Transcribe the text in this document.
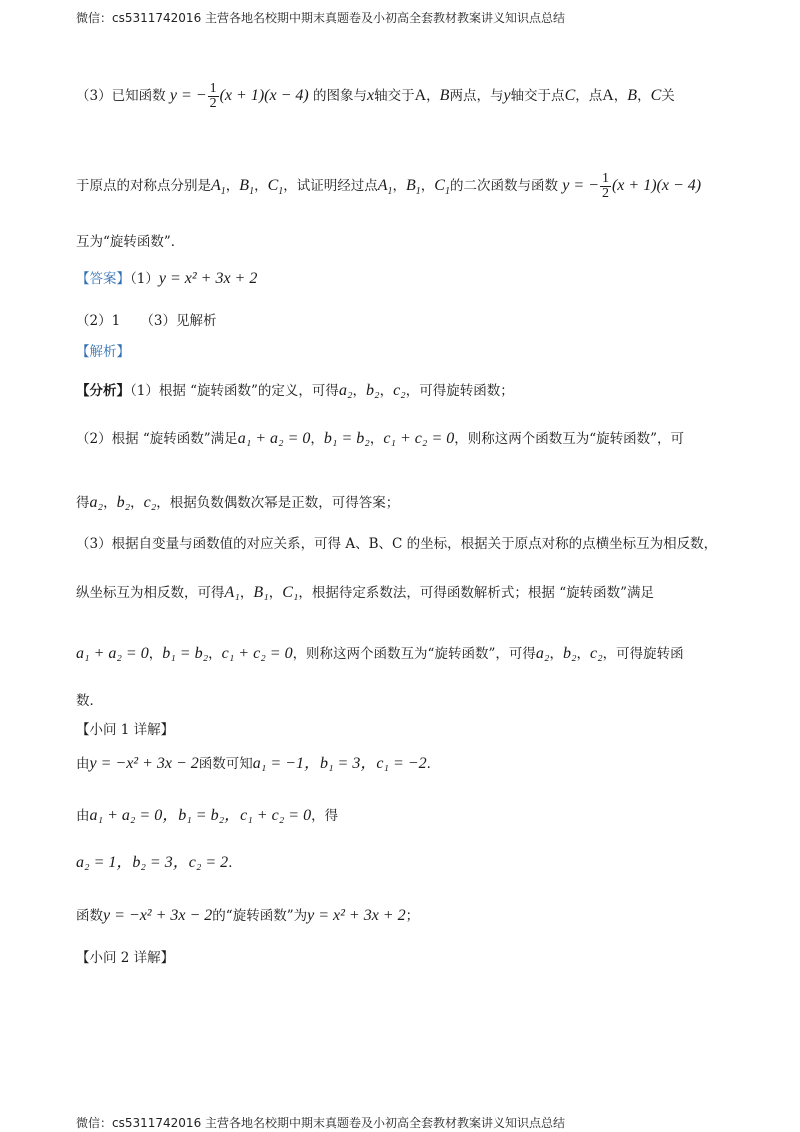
微信：cs5311742016 主营各地名校期中期末真题卷及小初高全套教材教案讲义知识点总结
（3）已知函数 y = − $\frac{1}{2} (x + 1)(x - 4)$ 的图象与x轴交于A，B两点，与y轴交于点C，点A，B，C关
于原点的对称点分别是$A_1$，$B_1$，$C_1$，试证明经过点$A_1$，$B_1$，$C_1$的二次函数与函数 y = − $\frac{1}{2} (x + 1)(x - 4)$
互为“旋转函数”．
【答案】（1）y = x² + 3x + 2
（2）1　　（3）见解析
【解析】
【分析】（1）根据 “旋转函数”的定义，可得a₂，b₂，c₂，可得旋转函数；
（2）根据 “旋转函数”满足a₁ + a₂ = 0，b₁ = b₂，c₁ + c₂ = 0，则称这两个函数互为“旋转函数”，可
得a₂，b₂，c₂，根据负数偶数次幂是正数，可得答案；
（3）根据自变量与函数值的对应关系，可得 A、B、C 的坐标，根据关于原点对称的点横坐标互为相反数，
纵坐标互为相反数，可得A₁，B₁，C₁，根据待定系数法，可得函数解析式；根据 “旋转函数”满足
a₁ + a₂ = 0，b₁ = b₂，c₁ + c₂ = 0，则称这两个函数互为“旋转函数”，可得a₂，b₂，c₂，可得旋转函
数．
【小问 1 详解】
由y = −x² + 3x − 2函数可知a₁ = −1，b₁ = 3，c₁ = −2．
由a₁ + a₂ = 0，b₁ = b₂，c₁ + c₂ = 0，得
a₂ = 1，b₂ = 3，c₂ = 2．
函数y = −x² + 3x − 2的“旋转函数”为y = x² + 3x + 2；
【小问 2 详解】
微信：cs5311742016 主营各地名校期中期末真题卷及小初高全套教材教案讲义知识点总结
